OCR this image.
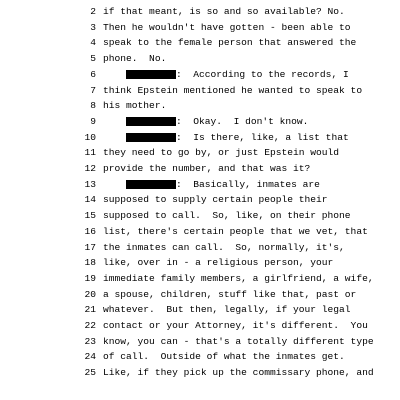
2 if that meant, is so and so available? No.
3 Then he wouldn't have gotten - been able to
4 speak to the female person that answered the
5 phone.  No.
6	:  According to the records, I
7 think Epstein mentioned he wanted to speak to
8 his mother.
9	:  Okay.  I don't know.
10	:  Is there, like, a list that
11 they need to go by, or just Epstein would
12 provide the number, and that was it?
13	:  Basically, inmates are
14 supposed to supply certain people their
15 supposed to call.  So, like, on their phone
16 list, there's certain people that we vet, that
17 the inmates can call.  So, normally, it's,
18 like, over in - a religious person, your
19 immediate family members, a girlfriend, a wife,
20 a spouse, children, stuff like that, past or
21 whatever.  But then, legally, if your legal
22 contact or your Attorney, it's different.  You
23 know, you can - that's a totally different type
24 of call.  Outside of what the inmates get.
25 Like, if they pick up the commissary phone, and
